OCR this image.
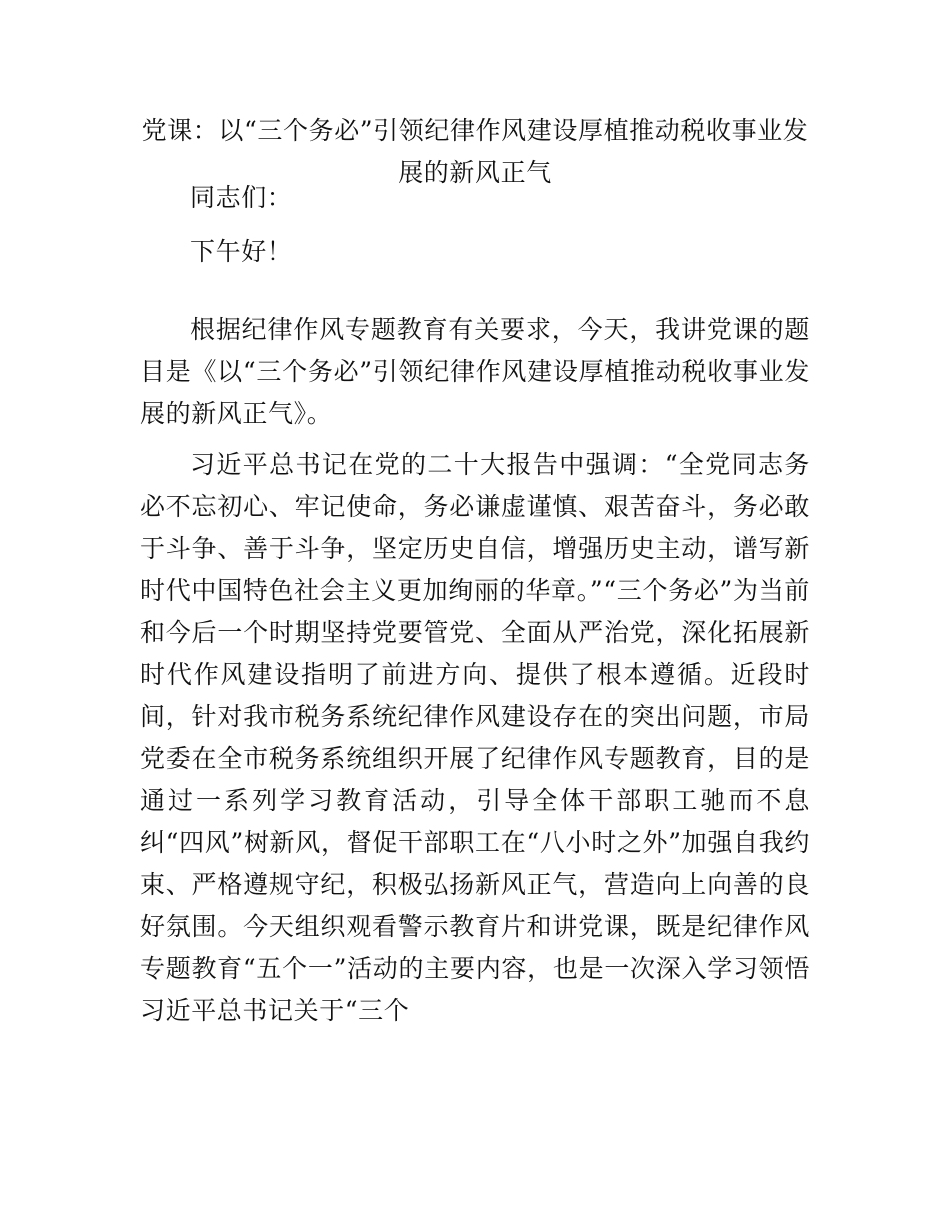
党课：以“三个务必”引领纪律作风建设厚植推动税收事业发展的新风正气

同志们：

下午好！

根据纪律作风专题教育有关要求，今天，我讲党课的题目是《以“三个务必”引领纪律作风建设厚植推动税收事业发展的新风正气》。

习近平总书记在党的二十大报告中强调：“全党同志务必不忘初心、牢记使命，务必谦虚谨慎、艰苦奋斗，务必敢于斗争、善于斗争，坚定历史自信，增强历史主动，谱写新时代中国特色社会主义更加绚丽的华章。”“三个务必”为当前和今后一个时期坚持党要管党、全面从严治党，深化拓展新时代作风建设指明了前进方向、提供了根本遵循。近段时间，针对我市税务系统纪律作风建设存在的突出问题，市局党委在全市税务系统组织开展了纪律作风专题教育，目的是通过一系列学习教育活动，引导全体干部职工驰而不息纠“四风”树新风，督促干部职工在“八小时之外”加强自我约束、严格遵规守纪，积极弘扬新风正气，营造向上向善的良好氛围。今天组织观看警示教育片和讲党课，既是纪律作风专题教育“五个一”活动的主要内容，也是一次深入学习领悟习近平总书记关于“三个
